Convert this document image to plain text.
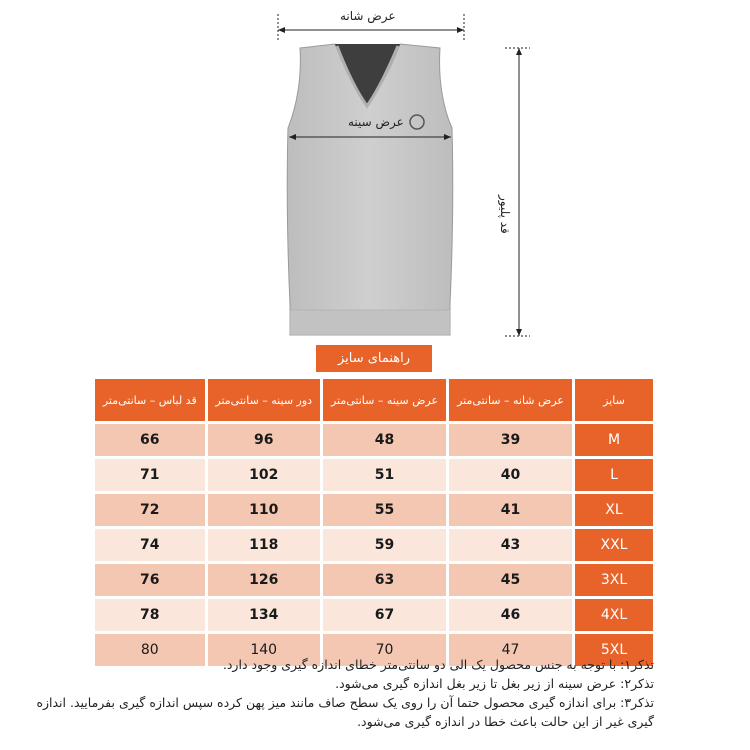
عرض شانه
عرض سینه
قد پلیور
راهنمای سایز
سایز	عرض شانه – سانتی‌متر	عرض سینه – سانتی‌متر	دور سینه – سانتی‌متر	قد لباس – سانتی‌متر
M	39	48	96	66
L	40	51	102	71
XL	41	55	110	72
XXL	43	59	118	74
3XL	45	63	126	76
4XL	46	67	134	78
5XL	47	70	140	80

تذکر۱: با توجه به جنس محصول یک الی دو سانتی‌متر خطای اندازه گیری وجود دارد.

تذکر۲: عرض سینه از زیر بغل تا زیر بغل اندازه گیری می‌شود.

تذکر۳: برای اندازه گیری محصول حتما آن را روی یک سطح صاف مانند میز پهن کرده سپس اندازه گیری بفرمایید. اندازه گیری غیر از این حالت باعث خطا در اندازه گیری می‌شود.
